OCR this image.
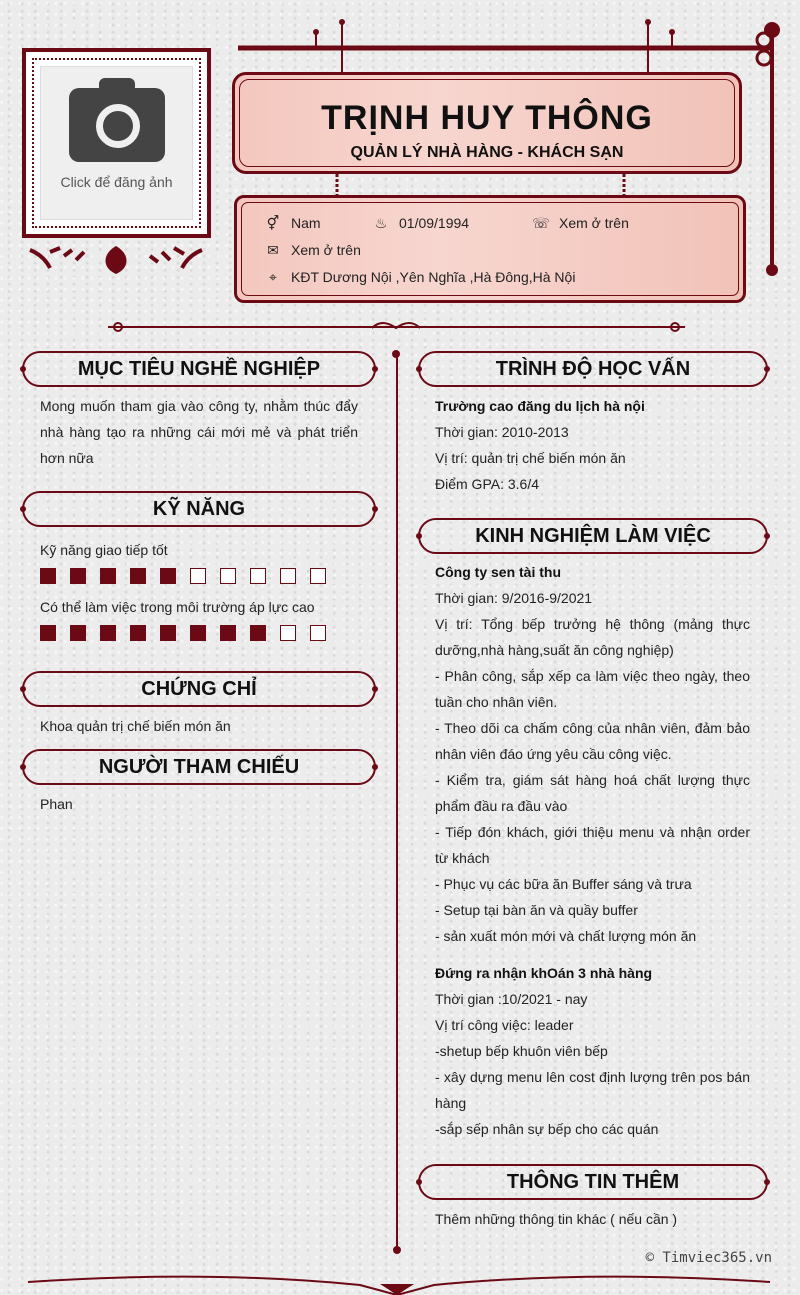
Click để đăng ảnh
TRỊNH HUY THÔNG
QUẢN LÝ NHÀ HÀNG - KHÁCH SẠN
⚥ Nam	♨ 01/09/1994	☏ Xem ở trên
✉ Xem ở trên
⌖ KĐT Dương Nội ,Yên Nghĩa ,Hà Đông,Hà Nội
MỤC TIÊU NGHỀ NGHIỆP
Mong muốn tham gia vào công ty, nhằm thúc đẩy nhà hàng tạo ra những cái mới mẻ và phát triển hơn nữa
KỸ NĂNG
Kỹ năng giao tiếp tốt
Có thể làm việc trong môi trường áp lực cao
CHỨNG CHỈ
Khoa quản trị chế biến món ăn
NGƯỜI THAM CHIẾU
Phan
TRÌNH ĐỘ HỌC VẤN
Trường cao đăng du lịch hà nội
Thời gian: 2010-2013
Vị trí: quản trị chế biến món ăn
Điểm GPA: 3.6/4
KINH NGHIỆM LÀM VIỆC
Công ty sen tài thu
Thời gian: 9/2016-9/2021
Vị trí: Tổng bếp trưởng hệ thông (mảng thực dưỡng,nhà hàng,suất ăn công nghiệp)
- Phân công, sắp xếp ca làm việc theo ngày, theo tuần cho nhân viên.
- Theo dõi ca chấm công của nhân viên, đảm bảo nhân viên đáo ứng yêu cầu công việc.
- Kiểm tra, giám sát hàng hoá chất lượng thực phẩm đầu ra đầu vào
- Tiếp đón khách, giới thiệu menu và nhận order từ khách
- Phục vụ các bữa ăn Buffer sáng và trưa
- Setup tại bàn ăn và quầy buffer
- sản xuất món mới và chất lượng món ăn
Đứng ra nhận khOán 3 nhà hàng
Thời gian :10/2021 - nay
Vị trí công việc: leader
-shetup bếp khuôn viên bếp
- xây dựng menu lên cost định lượng trên pos bán hàng
-sắp sếp nhân sự bếp cho các quán
THÔNG TIN THÊM
Thêm những thông tin khác ( nếu cần )
© Timviec365.vn
